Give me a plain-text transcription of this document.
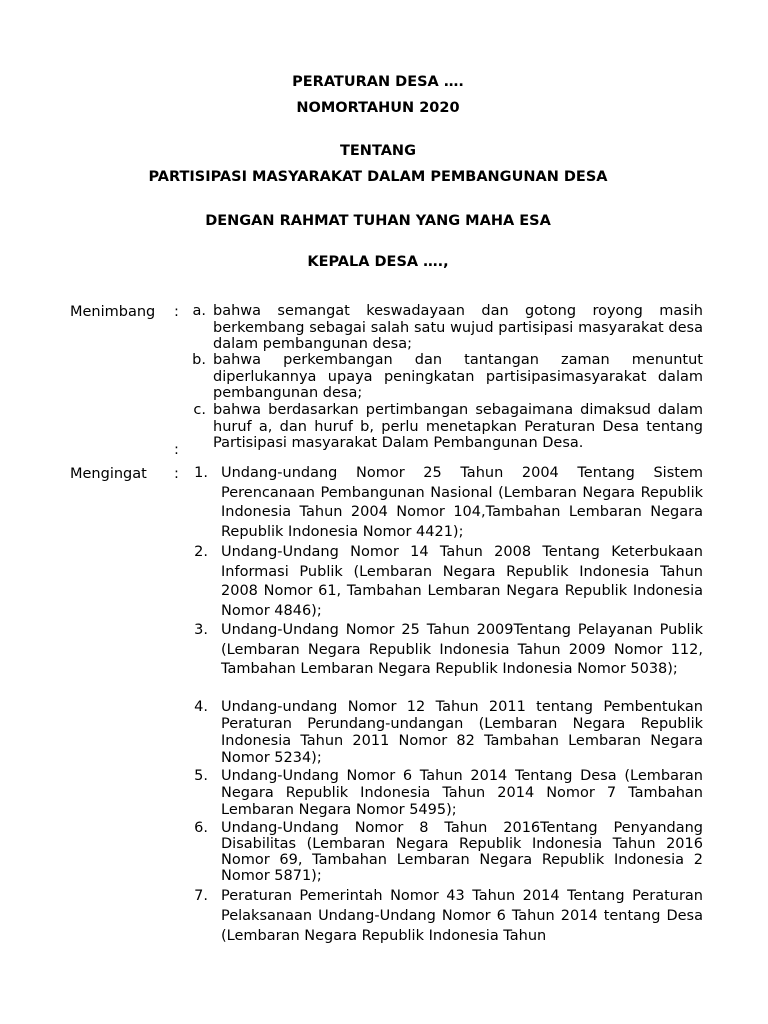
PERATURAN DESA ….
NOMORTAHUN 2020
TENTANG
PARTISIPASI MASYARAKAT DALAM PEMBANGUNAN DESA
DENGAN RAHMAT TUHAN YANG MAHA ESA
KEPALA DESA ….,
Menimbang : a. bahwa semangat keswadayaan dan gotong royong masih berkembang sebagai salah satu wujud partisipasi masyarakat desa dalam pembangunan desa;
b. bahwa perkembangan dan tantangan zaman menuntut diperlukannya upaya peningkatan partisipasimasyarakat dalam pembangunan desa;
c. bahwa berdasarkan pertimbangan sebagaimana dimaksud dalam huruf a, dan huruf b, perlu menetapkan Peraturan Desa tentang Partisipasi masyarakat Dalam Pembangunan Desa.
:
Mengingat :	1. Undang-undang Nomor 25 Tahun 2004 Tentang Sistem Perencanaan Pembangunan Nasional (Lembaran Negara Republik Indonesia Tahun 2004 Nomor 104,Tambahan Lembaran Negara Republik Indonesia Nomor 4421);
2. Undang-Undang Nomor 14 Tahun 2008 Tentang Keterbukaan Informasi Publik (Lembaran Negara Republik Indonesia Tahun 2008 Nomor 61, Tambahan Lembaran Negara Republik Indonesia Nomor 4846);
3. Undang-Undang Nomor 25 Tahun 2009Tentang Pelayanan Publik (Lembaran Negara Republik Indonesia Tahun 2009 Nomor 112, Tambahan Lembaran Negara Republik Indonesia Nomor 5038);
4. Undang-undang Nomor 12 Tahun 2011 tentang Pembentukan Peraturan Perundang-undangan (Lembaran Negara Republik Indonesia Tahun 2011 Nomor 82 Tambahan Lembaran Negara Nomor 5234);
5. Undang-Undang Nomor 6 Tahun 2014 Tentang Desa (Lembaran Negara Republik Indonesia Tahun 2014 Nomor 7 Tambahan Lembaran Negara Nomor 5495);
6. Undang-Undang Nomor 8 Tahun 2016Tentang Penyandang Disabilitas (Lembaran Negara Republik Indonesia Tahun 2016 Nomor 69, Tambahan Lembaran Negara Republik Indonesia 2 Nomor 5871);
7. Peraturan Pemerintah Nomor 43 Tahun 2014 Tentang Peraturan Pelaksanaan Undang-Undang Nomor 6 Tahun 2014 tentang Desa (Lembaran Negara Republik Indonesia Tahun
